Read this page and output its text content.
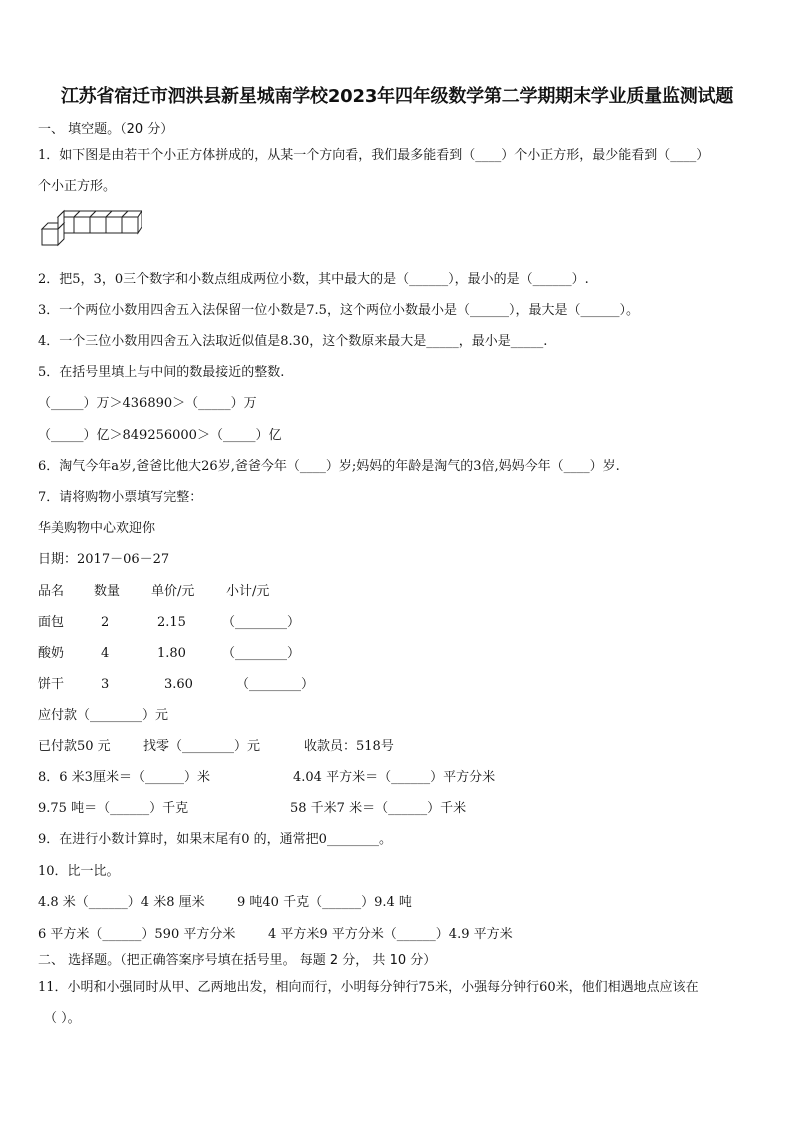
江苏省宿迁市泗洪县新星城南学校2023年四年级数学第二学期期末学业质量监测试题
一、 填空题。（20 分）
1．如下图是由若干个小正方体拼成的，从某一个方向看，我们最多能看到（____）个小正方形，最少能看到（____）
个小正方形。
2．把5，3，0三个数字和小数点组成两位小数，其中最大的是（______），最小的是（______）.
3．一个两位小数用四舍五入法保留一位小数是7.5，这个两位小数最小是（______），最大是（______）。
4．一个三位小数用四舍五入法取近似值是8.30，这个数原来最大是_____，最小是_____.
5．在括号里填上与中间的数最接近的整数.
（_____）万＞436890＞（_____）万
（_____）亿＞849256000＞（_____）亿
6．淘气今年a岁,爸爸比他大26岁,爸爸今年（____）岁;妈妈的年龄是淘气的3倍,妈妈今年（____）岁.
7．请将购物小票填写完整：
华美购物中心欢迎你
日期：2017－06－27
品名 数量 单价/元 小计/元
面包	2	2.15	（________）
酸奶	4	1.80	（________）
饼干	3	3.60	（________）
应付款（________）元
已付款50 元 找零（________）元	收款员：518号
8．6 米3厘米＝（______）米	4.04 平方米＝（______）平方分米
9.75 吨＝（______）千克	58 千米7 米＝（______）千米
9．在进行小数计算时，如果末尾有0 的，通常把0________。
10．比一比。
4.8 米（______）4 米8 厘米 9 吨40 千克（______）9.4 吨
6 平方米（______）590 平方分米	4 平方米9 平方分米（______）4.9 平方米
二、 选择题。（把正确答案序号填在括号里。 每题 2 分， 共 10 分）
11．小明和小强同时从甲、乙两地出发，相向而行，小明每分钟行75米，小强每分钟行60米，他们相遇地点应该在
（ ）。
